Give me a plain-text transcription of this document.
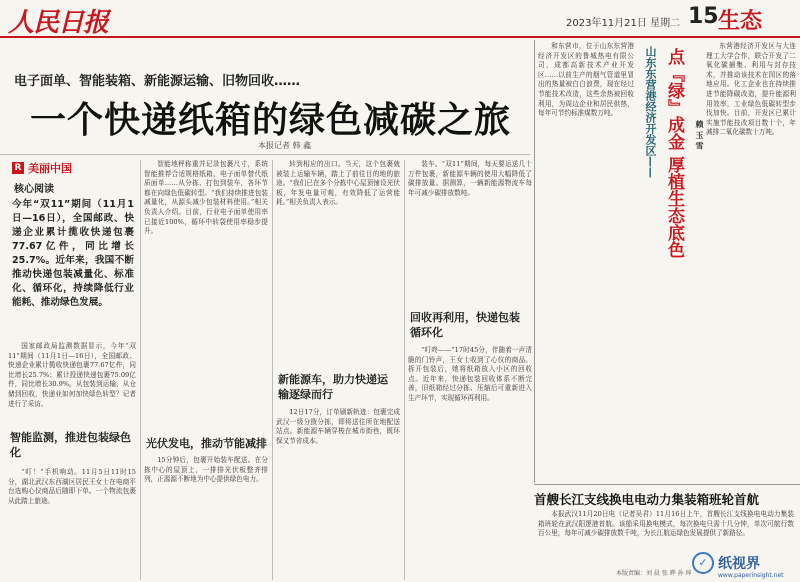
人民日报	2023年11月21日 星期二 15 生态
电子面单、智能装箱、新能源运输、旧物回收……
一个快递纸箱的绿色减碳之旅
本报记者 韩 鑫
R 美丽中国
核心阅读
今年“双11”期间（11月1日—16日），全国邮政、快递企业累计揽收快递包裹77.67亿件，同比增长25.7%。近年来，我国不断推动快递包装减量化、标准化、循环化，持续降低行业能耗、推动绿色发展。

国家邮政局监测数据显示，今年“双11”期间（11月1日—16日），全国邮政、快递企业累计揽收快递包裹77.67亿件，同比增长25.7%；累计投递快递包裹75.09亿件，同比增长30.9%。从包装到运输，从仓储到回收，快递业如何加快绿色转型？记者进行了采访。

智能监测，推进包装绿色化

“叮！”手机响动。11月5日11时15分，湖北武汉东西湖区居民王女士在电商平台选购心仪商品后随即下单。一个物流包裹从此踏上旅途。

智能地秤称重并记录包裹尺寸，系统智能推荐合适规格纸箱，电子面单替代纸质面单……从分拣、打包到装车，各环节都在向绿色低碳转型。“我们持续推进包装减量化，从源头减少包装材料使用。”相关负责人介绍。目前，行业电子面单使用率已接近100%，循环中转袋使用率稳步提升。

光伏发电，推动节能减排

15分钟后，包裹开始装车配送。在分拣中心的屋顶上，一排排光伏板整齐排列，正源源不断地为中心提供绿色电力。

转到相应的出口。当天，这个包裹就被装上运输车辆，踏上了前往目的地的旅途。“我们已在多个分拣中心屋顶铺设光伏板，年发电量可观，有效降低了运营能耗。”相关负责人表示。

新能源车，助力快递运输逐绿而行

12日17分，订单刷新轨迹：包裹完成武汉一级分拨分拣，即将送往所在地配送站点。新能源车辆穿梭在城市街巷，既环保又节省成本。

装车。“双11”期间，每天要运送几十万件包裹，新能源车辆的使用大幅降低了碳排放量。据测算，一辆新能源物流车每年可减少碳排放数吨。

回收再利用，快递包装循环化

“叮咚——”17时45分，伴随着一声清脆的门铃声，王女士收到了心仪的商品。拆开包装后，她将纸箱放入小区的回收点。近年来，快递包装回收体系不断完善，旧纸箱经过分拣、压缩后可重新进入生产环节，实现循环再利用。

和东营市，位于山东东营港经济开发区的鲁城热电有限公司，成都高新技术产业开发区……以前生产的烟气管道里冒出的热量被白白浪费，现在经过节能技术改造，这些余热被回收利用，为周边企业和居民供热，每年可节约标准煤数万吨。	山东东营港经济开发区—— 点『绿』成金 厚植生态底色	赖 玉 雪

东营港经济开发区与大连理工大学合作，联合开发了二氧化碳捕集、利用与封存技术，并推动该技术在园区的落地应用。化工企业也在持续推进节能降碳改造，提升能源利用效率，工业绿色低碳转型步伐加快。目前，开发区已累计实施节能技改项目数十个，年减排二氧化碳数十万吨。

首艘长江支线换电电动力集装箱班轮首航

本报武汉11月20日电（记者吴君）11月16日上午，首艘长江支线换电电动力集装箱班轮在武汉阳逻港首航。该船采用换电模式，每次换电只需十几分钟，单次可航行数百公里，每年可减少碳排放数千吨，为长江航运绿色发展提供了新路径。

本版责编：刘 晨 张 晔 孙 坤
✓ 纸视界
www.paperinsight.net
